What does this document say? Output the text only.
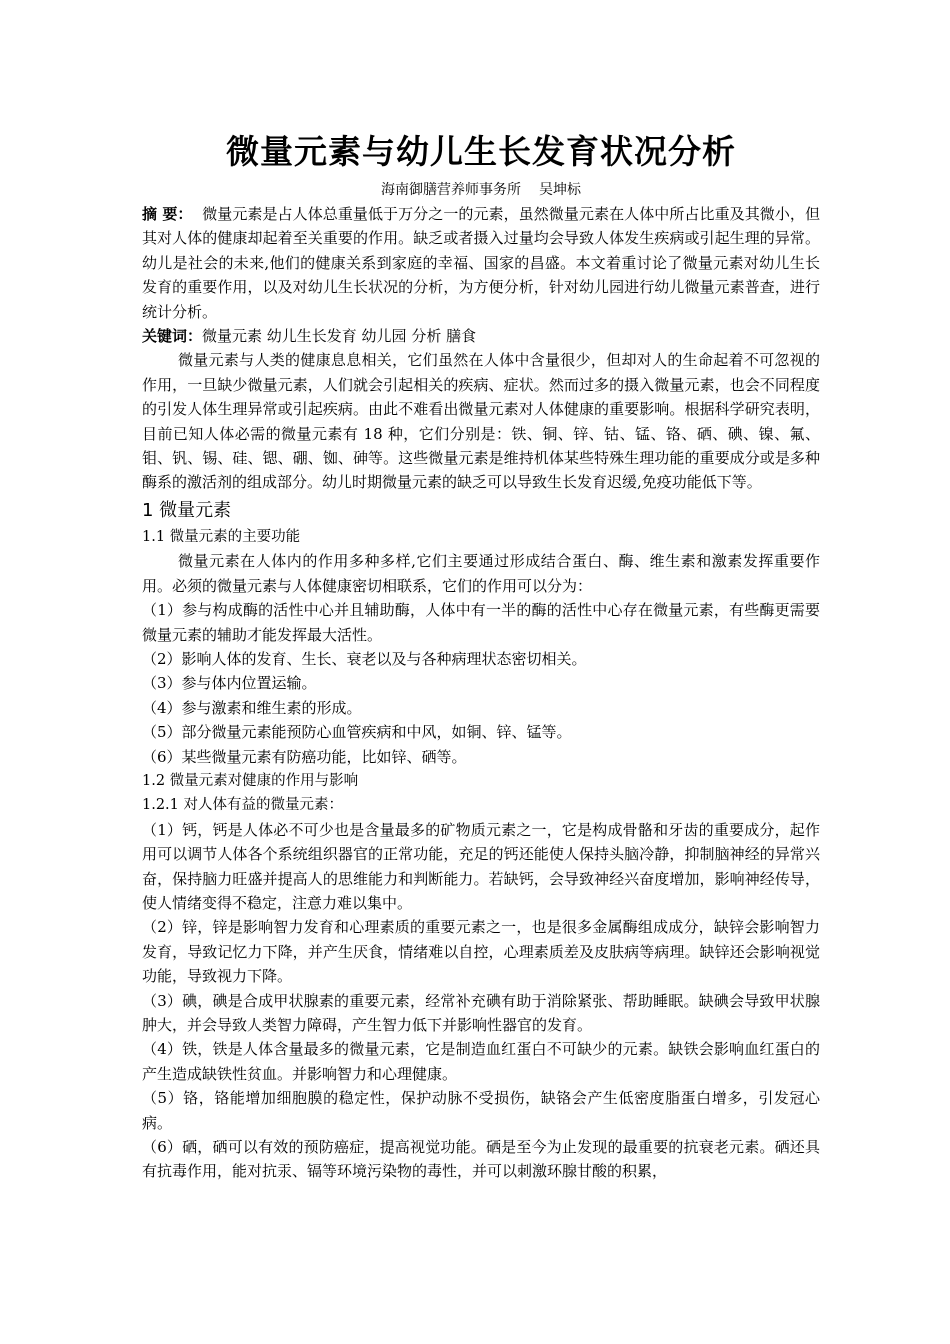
微量元素与幼儿生长发育状况分析
海南御膳营养师事务所 吴坤标

摘 要： 微量元素是占人体总重量低于万分之一的元素，虽然微量元素在人体中所占比重及其微小，但其对人体的健康却起着至关重要的作用。缺乏或者摄入过量均会导致人体发生疾病或引起生理的异常。幼儿是社会的未来,他们的健康关系到家庭的幸福、国家的昌盛。本文着重讨论了微量元素对幼儿生长发育的重要作用，以及对幼儿生长状况的分析，为方便分析，针对幼儿园进行幼儿微量元素普查，进行统计分析。

关键词：微量元素 幼儿生长发育 幼儿园 分析 膳食

微量元素与人类的健康息息相关，它们虽然在人体中含量很少，但却对人的生命起着不可忽视的作用，一旦缺少微量元素，人们就会引起相关的疾病、症状。然而过多的摄入微量元素，也会不同程度的引发人体生理异常或引起疾病。由此不难看出微量元素对人体健康的重要影响。根据科学研究表明，目前已知人体必需的微量元素有 18 种，它们分别是：铁、铜、锌、钴、锰、铬、硒、碘、镍、氟、钼、钒、锡、硅、锶、硼、铷、砷等。这些微量元素是维持机体某些特殊生理功能的重要成分或是多种酶系的激活剂的组成部分。幼儿时期微量元素的缺乏可以导致生长发育迟缓,免疫功能低下等。

1 微量元素

1.1 微量元素的主要功能

微量元素在人体内的作用多种多样,它们主要通过形成结合蛋白、酶、维生素和激素发挥重要作用。必须的微量元素与人体健康密切相联系，它们的作用可以分为：

（1）参与构成酶的活性中心并且辅助酶，人体中有一半的酶的活性中心存在微量元素，有些酶更需要微量元素的辅助才能发挥最大活性。

（2）影响人体的发育、生长、衰老以及与各种病理状态密切相关。

（3）参与体内位置运输。

（4）参与激素和维生素的形成。

（5）部分微量元素能预防心血管疾病和中风，如铜、锌、锰等。

（6）某些微量元素有防癌功能，比如锌、硒等。

1.2 微量元素对健康的作用与影响

1.2.1 对人体有益的微量元素：

（1）钙，钙是人体必不可少也是含量最多的矿物质元素之一，它是构成骨骼和牙齿的重要成分，起作用可以调节人体各个系统组织器官的正常功能，充足的钙还能使人保持头脑冷静，抑制脑神经的异常兴奋，保持脑力旺盛并提高人的思维能力和判断能力。若缺钙，会导致神经兴奋度增加，影响神经传导，使人情绪变得不稳定，注意力难以集中。

（2）锌，锌是影响智力发育和心理素质的重要元素之一，也是很多金属酶组成成分，缺锌会影响智力发育，导致记忆力下降，并产生厌食，情绪难以自控，心理素质差及皮肤病等病理。缺锌还会影响视觉功能，导致视力下降。

（3）碘，碘是合成甲状腺素的重要元素，经常补充碘有助于消除紧张、帮助睡眠。缺碘会导致甲状腺肿大，并会导致人类智力障碍，产生智力低下并影响性器官的发育。

（4）铁，铁是人体含量最多的微量元素，它是制造血红蛋白不可缺少的元素。缺铁会影响血红蛋白的产生造成缺铁性贫血。并影响智力和心理健康。

（5）铬，铬能增加细胞膜的稳定性，保护动脉不受损伤，缺铬会产生低密度脂蛋白增多，引发冠心病。

（6）硒，硒可以有效的预防癌症，提高视觉功能。硒是至今为止发现的最重要的抗衰老元素。硒还具有抗毒作用，能对抗汞、镉等环境污染物的毒性，并可以刺激环腺甘酸的积累，
